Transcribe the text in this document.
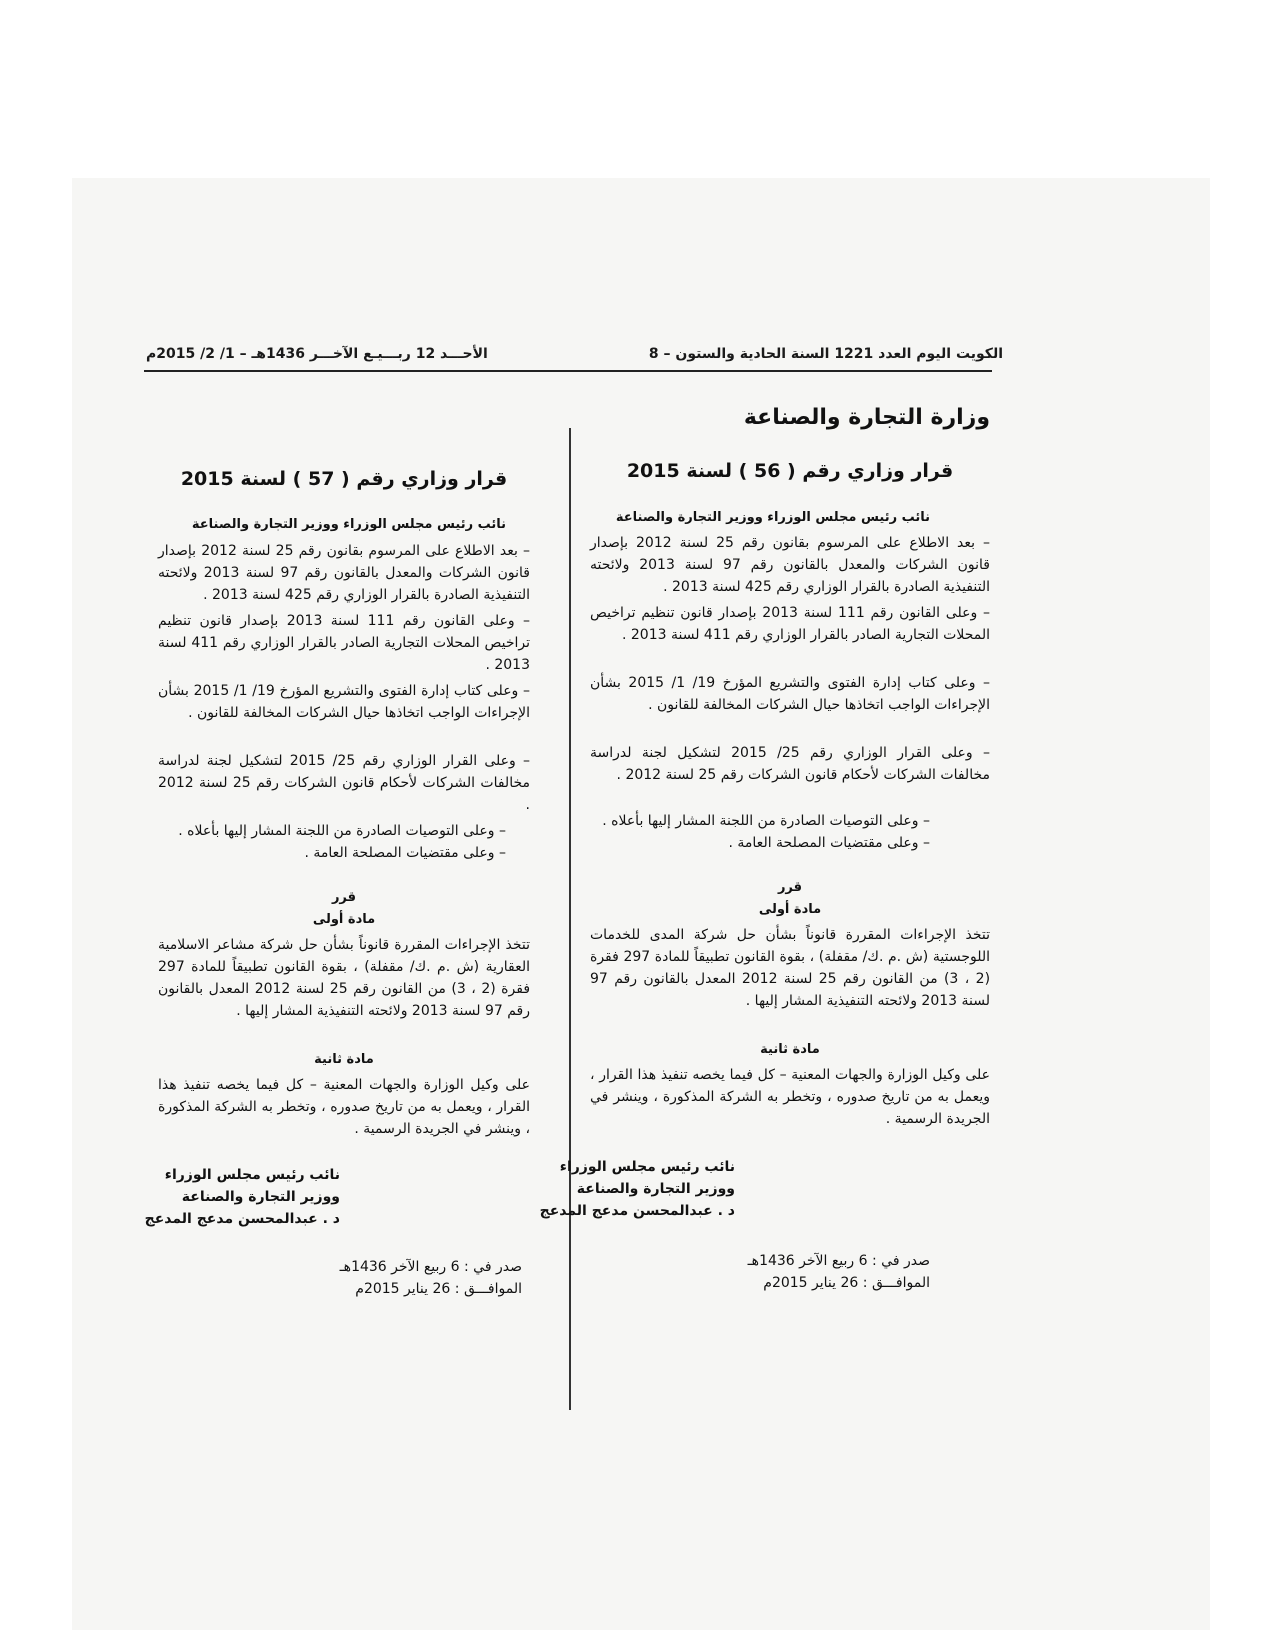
الكويت اليوم العدد 1221 السنة الحادية والستون – 8
الأحـــد 12 ربـــيـع الآخـــر 1436هـ – 1/ 2/ 2015م
وزارة التجارة والصناعة
قرار وزاري رقم ( 56 ) لسنة 2015
نائب رئيس مجلس الوزراء ووزير التجارة والصناعة
– بعد الاطلاع على المرسوم بقانون رقم 25 لسنة 2012 بإصدار قانون الشركات والمعدل بالقانون رقم 97 لسنة 2013 ولائحته التنفيذية الصادرة بالقرار الوزاري رقم 425 لسنة 2013 .
– وعلى القانون رقم 111 لسنة 2013 بإصدار قانون تنظيم تراخيص المحلات التجارية الصادر بالقرار الوزاري رقم 411 لسنة 2013 .
– وعلى كتاب إدارة الفتوى والتشريع المؤرخ 19/ 1/ 2015 بشأن الإجراءات الواجب اتخاذها حيال الشركات المخالفة للقانون .
– وعلى القرار الوزاري رقم 25/ 2015 لتشكيل لجنة لدراسة مخالفات الشركات لأحكام قانون الشركات رقم 25 لسنة 2012 .
– وعلى التوصيات الصادرة من اللجنة المشار إليها بأعلاه .
– وعلى مقتضيات المصلحة العامة .
قرر
مادة أولى
تتخذ الإجراءات المقررة قانوناً بشأن حل شركة المدى للخدمات اللوجستية (ش .م .ك/ مقفلة) ، بقوة القانون تطبيقاً للمادة 297 فقرة (2 ، 3) من القانون رقم 25 لسنة 2012 المعدل بالقانون رقم 97 لسنة 2013 ولائحته التنفيذية المشار إليها .
مادة ثانية
على وكيل الوزارة والجهات المعنية – كل فيما يخصه تنفيذ هذا القرار ، ويعمل به من تاريخ صدوره ، وتخطر به الشركة المذكورة ، وينشر في الجريدة الرسمية .
نائب رئيس مجلس الوزراء
ووزير التجارة والصناعة
د . عبدالمحسن مدعج المدعج
صدر في : 6 ربيع الآخر 1436هـ
الموافـــق : 26 يناير 2015م
قرار وزاري رقم ( 57 ) لسنة 2015
نائب رئيس مجلس الوزراء ووزير التجارة والصناعة
– بعد الاطلاع على المرسوم بقانون رقم 25 لسنة 2012 بإصدار قانون الشركات والمعدل بالقانون رقم 97 لسنة 2013 ولائحته التنفيذية الصادرة بالقرار الوزاري رقم 425 لسنة 2013 .
– وعلى القانون رقم 111 لسنة 2013 بإصدار قانون تنظيم تراخيص المحلات التجارية الصادر بالقرار الوزاري رقم 411 لسنة 2013 .
– وعلى كتاب إدارة الفتوى والتشريع المؤرخ 19/ 1/ 2015 بشأن الإجراءات الواجب اتخاذها حيال الشركات المخالفة للقانون .
– وعلى القرار الوزاري رقم 25/ 2015 لتشكيل لجنة لدراسة مخالفات الشركات لأحكام قانون الشركات رقم 25 لسنة 2012 .
– وعلى التوصيات الصادرة من اللجنة المشار إليها بأعلاه .
– وعلى مقتضيات المصلحة العامة .
قرر
مادة أولى
تتخذ الإجراءات المقررة قانوناً بشأن حل شركة مشاعر الاسلامية العقارية (ش .م .ك/ مقفلة) ، بقوة القانون تطبيقاً للمادة 297 فقرة (2 ، 3) من القانون رقم 25 لسنة 2012 المعدل بالقانون رقم 97 لسنة 2013 ولائحته التنفيذية المشار إليها .
مادة ثانية
على وكيل الوزارة والجهات المعنية – كل فيما يخصه تنفيذ هذا القرار ، ويعمل به من تاريخ صدوره ، وتخطر به الشركة المذكورة ، وينشر في الجريدة الرسمية .
نائب رئيس مجلس الوزراء
ووزير التجارة والصناعة
د . عبدالمحسن مدعج المدعج
صدر في : 6 ربيع الآخر 1436هـ
الموافـــق : 26 يناير 2015م
